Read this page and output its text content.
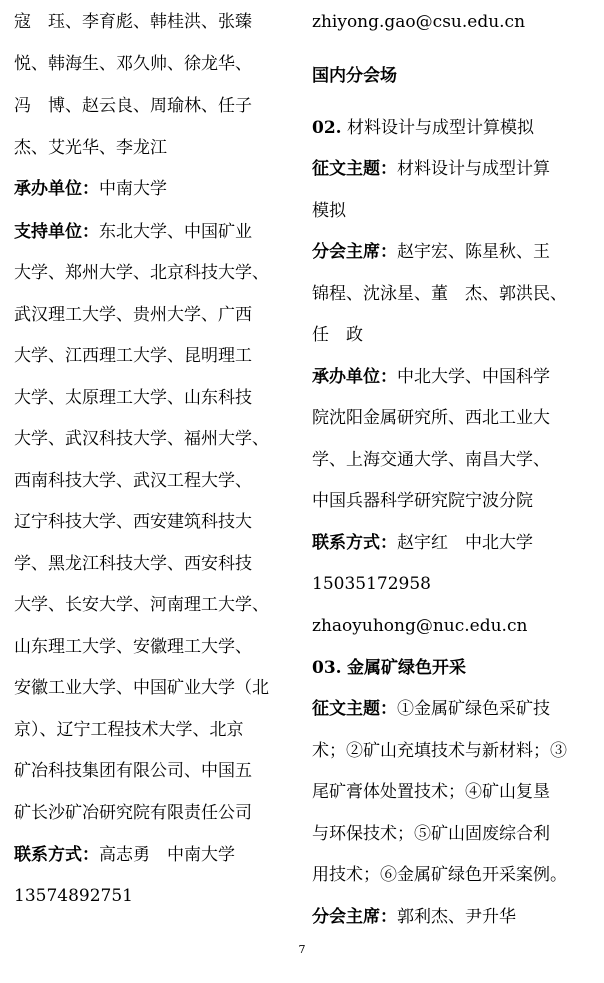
寇　珏、李育彪、韩桂洪、张臻
悦、韩海生、邓久帅、徐龙华、
冯　博、赵云良、周瑜林、任子
杰、艾光华、李龙江
承办单位：中南大学
支持单位：东北大学、中国矿业
大学、郑州大学、北京科技大学、
武汉理工大学、贵州大学、广西
大学、江西理工大学、昆明理工
大学、太原理工大学、山东科技
大学、武汉科技大学、福州大学、
西南科技大学、武汉工程大学、
辽宁科技大学、西安建筑科技大
学、黑龙江科技大学、西安科技
大学、长安大学、河南理工大学、
山东理工大学、安徽理工大学、
安徽工业大学、中国矿业大学（北
京）、辽宁工程技术大学、北京
矿冶科技集团有限公司、中国五
矿长沙矿冶研究院有限责任公司
联系方式：高志勇　中南大学
13574892751
zhiyong.gao@csu.edu.cn
国内分会场
02. 材料设计与成型计算模拟
征文主题：材料设计与成型计算
模拟
分会主席：赵宇宏、陈星秋、王
锦程、沈泳星、董　杰、郭洪民、
任　政
承办单位：中北大学、中国科学
院沈阳金属研究所、西北工业大
学、上海交通大学、南昌大学、
中国兵器科学研究院宁波分院
联系方式：赵宇红　中北大学
15035172958
zhaoyuhong@nuc.edu.cn
03. 金属矿绿色开采
征文主题：①金属矿绿色采矿技
术；②矿山充填技术与新材料；③
尾矿膏体处置技术；④矿山复垦
与环保技术；⑤矿山固废综合利
用技术；⑥金属矿绿色开采案例。
分会主席：郭利杰、尹升华
7
